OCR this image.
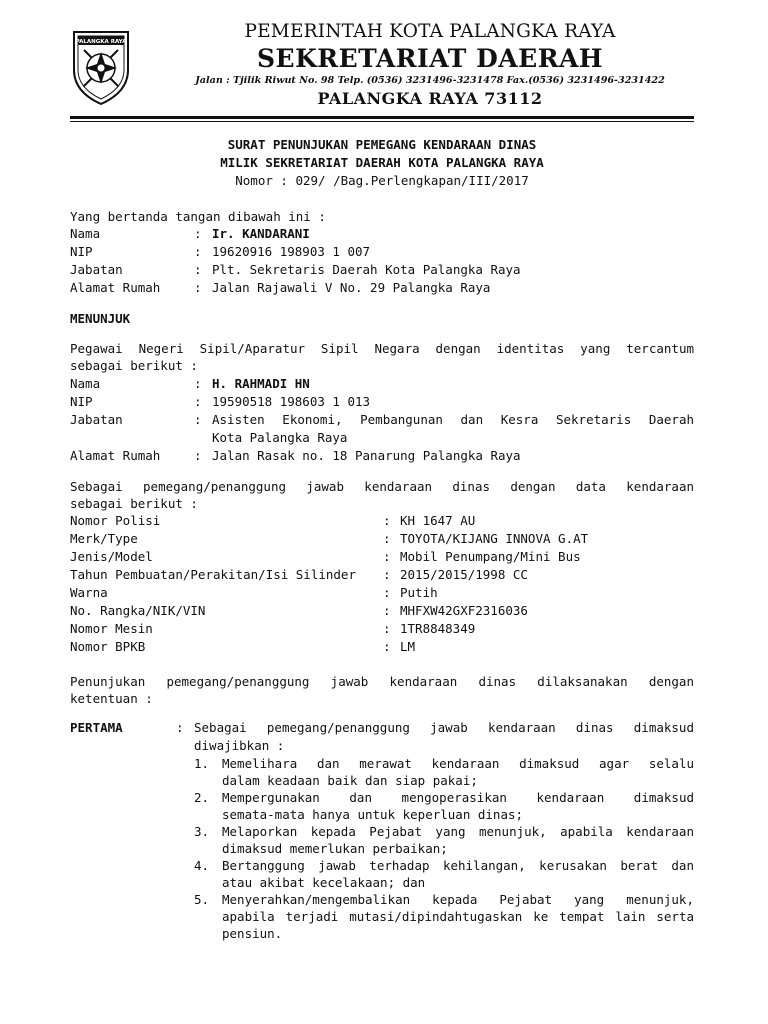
PALANGKA RAYA	PEMERINTAH KOTA PALANGKA RAYA
SEKRETARIAT DAERAH
Jalan : Tjilik Riwut No. 98 Telp. (0536) 3231496-3231478 Fax.(0536) 3231496-3231422
PALANGKA RAYA 73112
SURAT PENUNJUKAN PEMEGANG KENDARAAN DINAS
MILIK SEKRETARIAT DAERAH KOTA PALANGKA RAYA
Nomor : 029/ /Bag.Perlengkapan/III/2017
Yang bertanda tangan dibawah ini :
Nama	: Ir. KANDARANI
NIP	: 19620916 198903 1 007
Jabatan	: Plt. Sekretaris Daerah Kota Palangka Raya
Alamat Rumah	: Jalan Rajawali V No. 29 Palangka Raya
MENUNJUK
Pegawai Negeri Sipil/Aparatur Sipil Negara dengan identitas yang tercantum
sebagai berikut :
Nama	: H. RAHMADI HN
NIP	: 19590518 198603 1 013
Jabatan	: Asisten Ekonomi, Pembangunan dan Kesra Sekretaris Daerah
Kota Palangka Raya
Alamat Rumah	: Jalan Rasak no. 18 Panarung Palangka Raya
Sebagai pemegang/penanggung jawab kendaraan dinas dengan data kendaraan
sebagai berikut :
Nomor Polisi	: KH 1647 AU
Merk/Type	: TOYOTA/KIJANG INNOVA G.AT
Jenis/Model	: Mobil Penumpang/Mini Bus
Tahun Pembuatan/Perakitan/Isi Silinder : 2015/2015/1998 CC
Warna	: Putih
No. Rangka/NIK/VIN	: MHFXW42GXF2316036
Nomor Mesin	: 1TR8848349
Nomor BPKB	: LM
Penunjukan pemegang/penanggung jawab kendaraan dinas dilaksanakan dengan
ketentuan :
PERTAMA	: Sebagai pemegang/penanggung jawab kendaraan dinas dimaksud
diwajibkan :
1. Memelihara dan merawat kendaraan dimaksud agar selalu
dalam keadaan baik dan siap pakai;
2. Mempergunakan dan mengoperasikan kendaraan dimaksud
semata-mata hanya untuk keperluan dinas;
3. Melaporkan kepada Pejabat yang menunjuk, apabila kendaraan
dimaksud memerlukan perbaikan;
4. Bertanggung jawab terhadap kehilangan, kerusakan berat dan
atau akibat kecelakaan; dan
5. Menyerahkan/mengembalikan kepada Pejabat yang menunjuk,
apabila terjadi mutasi/dipindahtugaskan ke tempat lain serta
pensiun.
